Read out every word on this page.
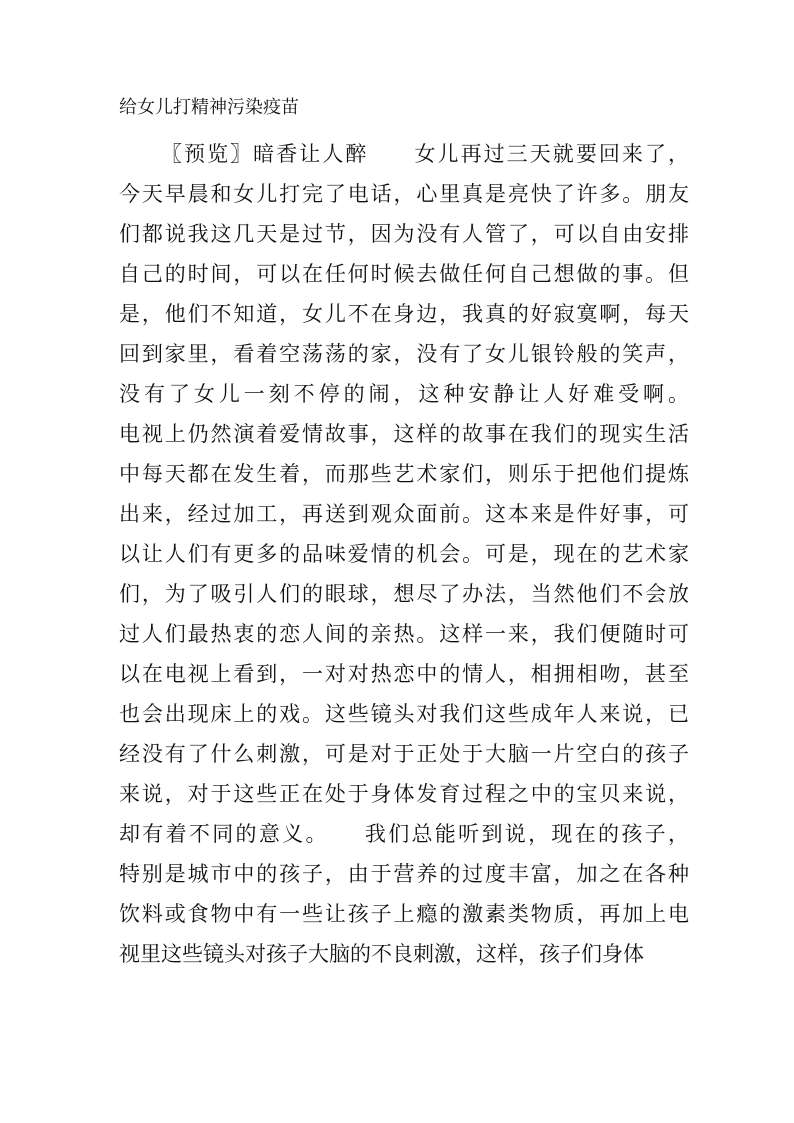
给女儿打精神污染疫苗
〖预览〗暗香让人醉　　女儿再过三天就要回来了，
今天早晨和女儿打完了电话，心里真是亮快了许多。朋友
们都说我这几天是过节，因为没有人管了，可以自由安排
自己的时间，可以在任何时候去做任何自己想做的事。但
是，他们不知道，女儿不在身边，我真的好寂寞啊，每天
回到家里，看着空荡荡的家，没有了女儿银铃般的笑声，
没有了女儿一刻不停的闹，这种安静让人好难受啊。
电视上仍然演着爱情故事，这样的故事在我们的现实生活
中每天都在发生着，而那些艺术家们，则乐于把他们提炼
出来，经过加工，再送到观众面前。这本来是件好事，可
以让人们有更多的品味爱情的机会。可是，现在的艺术家
们，为了吸引人们的眼球，想尽了办法，当然他们不会放
过人们最热衷的恋人间的亲热。这样一来，我们便随时可
以在电视上看到，一对对热恋中的情人，相拥相吻，甚至
也会出现床上的戏。这些镜头对我们这些成年人来说，已
经没有了什么刺激，可是对于正处于大脑一片空白的孩子
来说，对于这些正在处于身体发育过程之中的宝贝来说，
却有着不同的意义。　　我们总能听到说，现在的孩子，
特别是城市中的孩子，由于营养的过度丰富，加之在各种
饮料或食物中有一些让孩子上瘾的激素类物质，再加上电
视里这些镜头对孩子大脑的不良刺激，这样，孩子们身体
